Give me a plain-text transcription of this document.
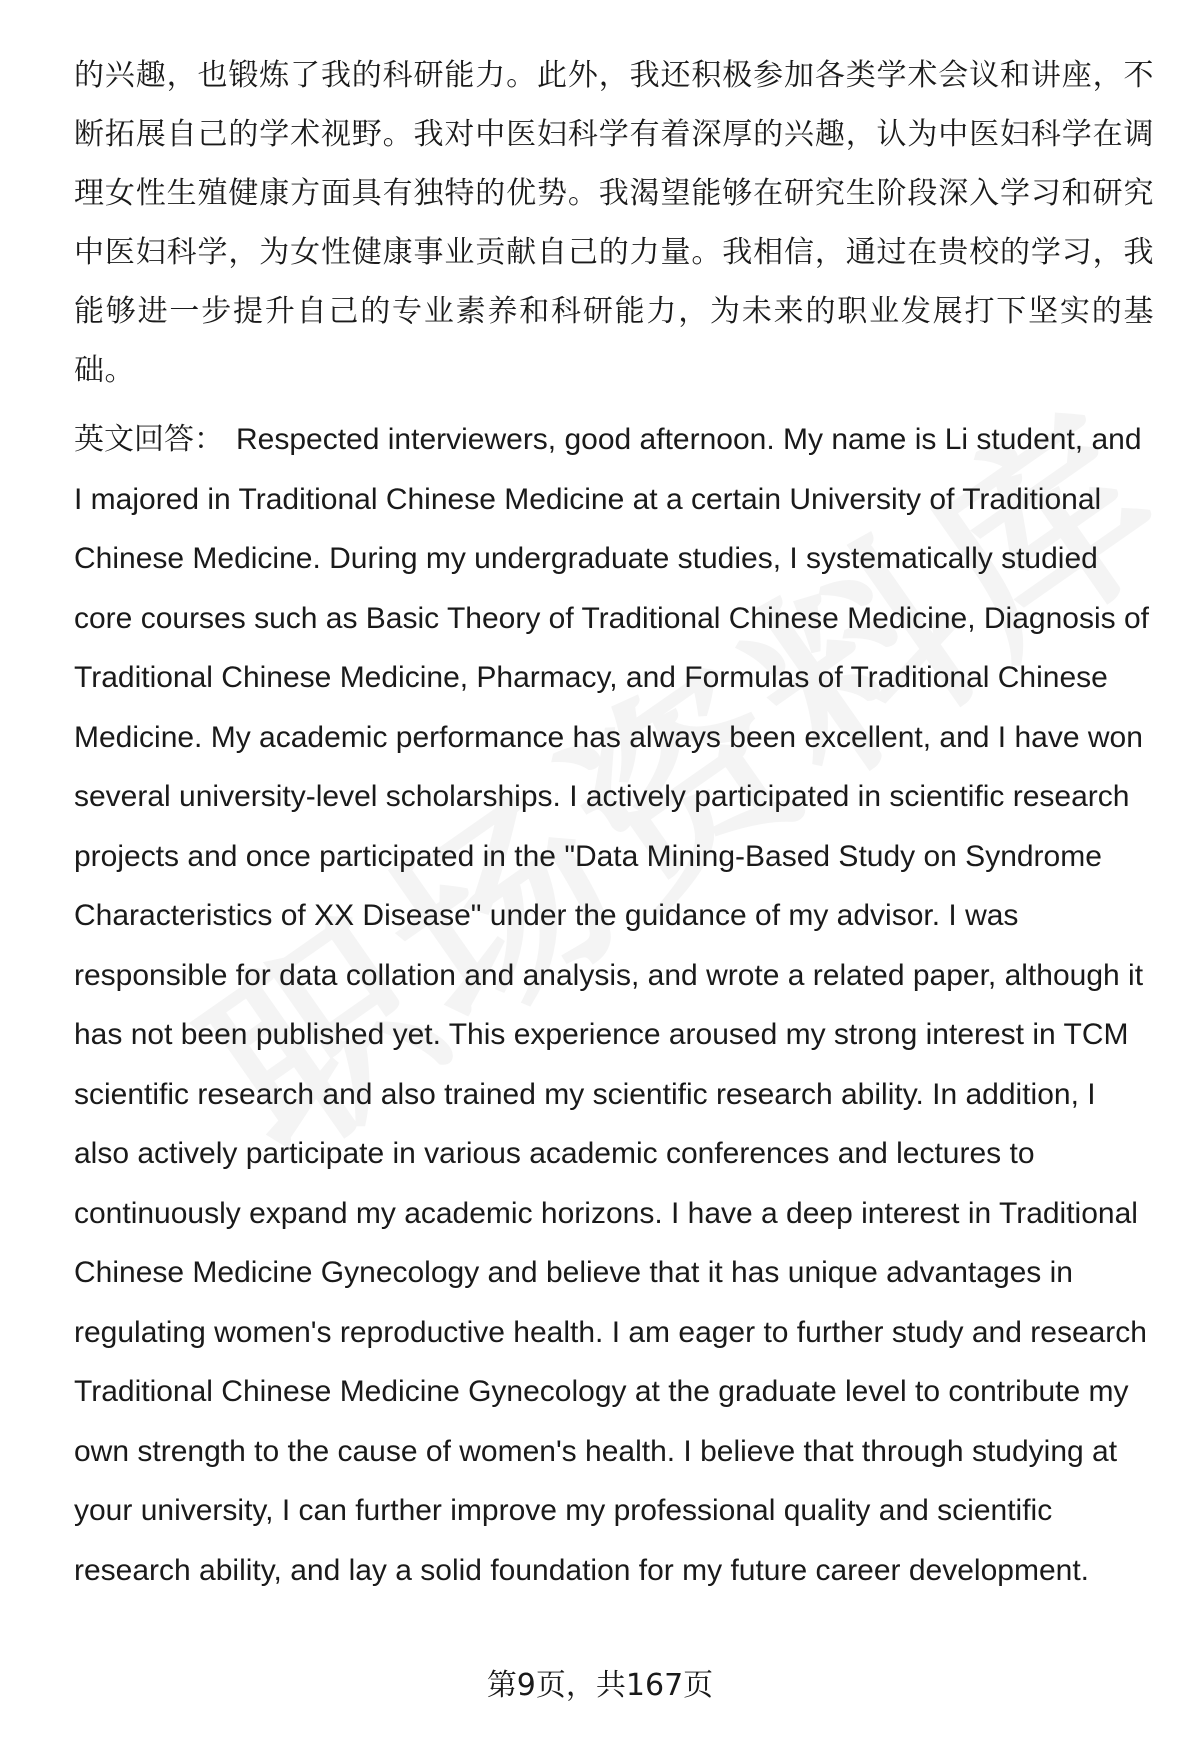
的兴趣，也锻炼了我的科研能力。此外，我还积极参加各类学术会议和讲座，不断拓展自己的学术视野。我对中医妇科学有着深厚的兴趣，认为中医妇科学在调理女性生殖健康方面具有独特的优势。我渴望能够在研究生阶段深入学习和研究中医妇科学，为女性健康事业贡献自己的力量。我相信，通过在贵校的学习，我能够进一步提升自己的专业素养和科研能力，为未来的职业发展打下坚实的基础。

英文回答： Respected interviewers, good afternoon. My name is Li student, and I majored in Traditional Chinese Medicine at a certain University of Traditional Chinese Medicine. During my undergraduate studies, I systematically studied core courses such as Basic Theory of Traditional Chinese Medicine, Diagnosis of Traditional Chinese Medicine, Pharmacy, and Formulas of Traditional Chinese Medicine. My academic performance has always been excellent, and I have won several university-level scholarships. I actively participated in scientific research projects and once participated in the "Data Mining-Based Study on Syndrome Characteristics of XX Disease" under the guidance of my advisor. I was responsible for data collation and analysis, and wrote a related paper, although it has not been published yet. This experience aroused my strong interest in TCM scientific research and also trained my scientific research ability. In addition, I also actively participate in various academic conferences and lectures to continuously expand my academic horizons. I have a deep interest in Traditional Chinese Medicine Gynecology and believe that it has unique advantages in regulating women's reproductive health. I am eager to further study and research Traditional Chinese Medicine Gynecology at the graduate level to contribute my own strength to the cause of women's health. I believe that through studying at your university, I can further improve my professional quality and scientific research ability, and lay a solid foundation for my future career development.

第9页，共167页
